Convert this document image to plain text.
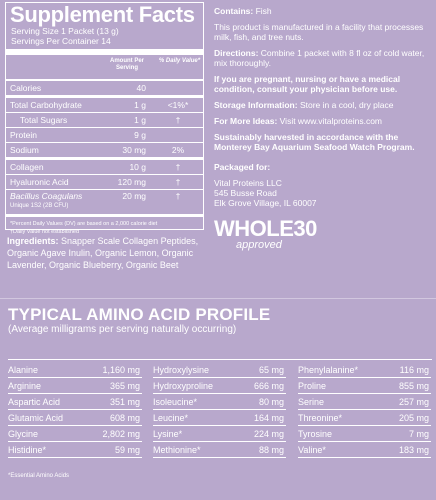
Supplement Facts
Serving Size 1 Packet (13 g)
Servings Per Container 14
Amount Per Serving
% Daily Value*
Calories	40
Total Carbohydrate	1 g	<1%*
Total Sugars	1 g	†
Protein	9 g
Sodium	30 mg	2%
Collagen	10 g	†
Hyaluronic Acid	120 mg	†
Bacillus Coagulans
Unique 1S2 (2B CFU)
20 mg	†
*Percent Daily Values (DV) are based on a 2,000 calorie diet
†Daily Value not established
Ingredients: Snapper Scale Collagen Peptides, Organic Agave Inulin, Organic Lemon, Organic Lavender, Organic Blueberry, Organic Beet

Contains: Fish

This product is manufactured in a facility that processes milk, fish, and tree nuts.

Directions: Combine 1 packet with 8 fl oz of cold water, mix thoroughly.

If you are pregnant, nursing or have a medical condition, consult your physician before use.

Storage Information: Store in a cool, dry place

For More Ideas: Visit www.vitalproteins.com

Sustainably harvested in accordance with the Monterey Bay Aquarium Seafood Watch Program.

Packaged for:

Vital Proteins LLC
545 Busse Road
Elk Grove Village, IL 60007
WHOLE30
approved
TYPICAL AMINO ACID PROFILE
(Average milligrams per serving naturally occurring)
Alanine	1,160 mg
Arginine	365 mg
Aspartic Acid	351 mg
Glutamic Acid	608 mg
Glycine	2,802 mg
Histidine*	59 mg
Hydroxylysine	65 mg
Hydroxyproline	666 mg
Isoleucine*	80 mg
Leucine*	164 mg
Lysine*	224 mg
Methionine*	88 mg
Phenylalanine*	116 mg
Proline	855 mg
Serine	257 mg
Threonine*	205 mg
Tyrosine	7 mg
Valine*	183 mg
*Essential Amino Acids
